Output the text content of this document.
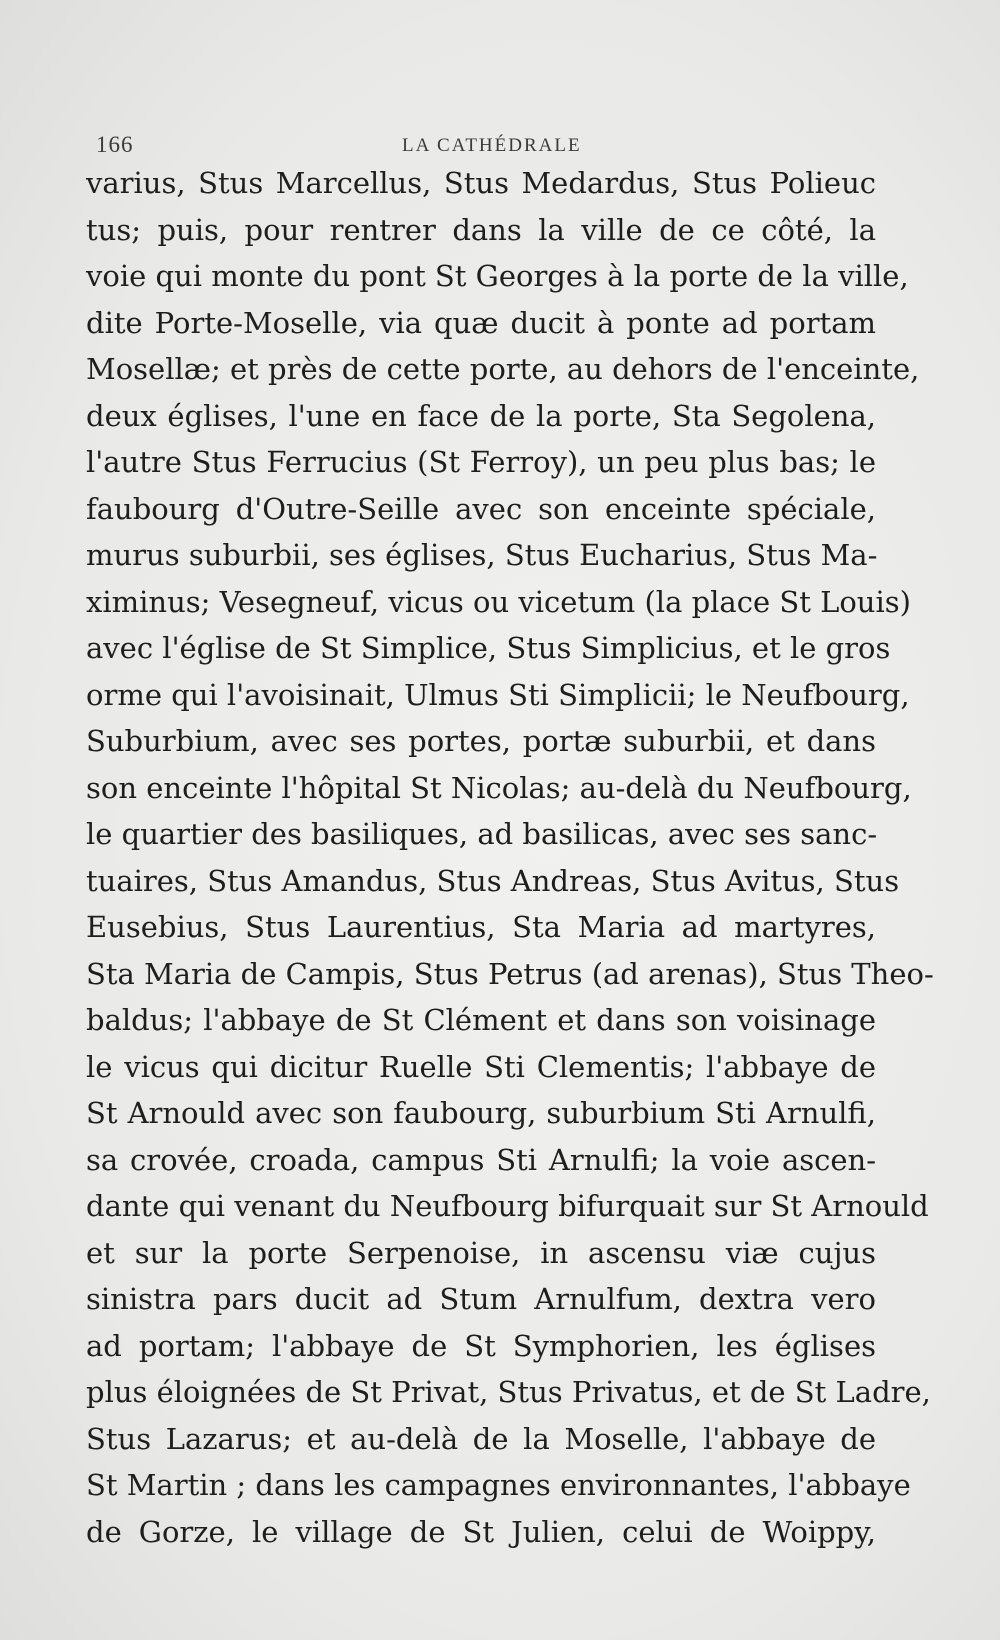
166	LA CATHÉDRALE
varius, Stus Marcellus, Stus Medardus, Stus Polieuc
tus; puis, pour rentrer dans la ville de ce côté, la
voie qui monte du pont St Georges à la porte de la ville,
dite Porte-Moselle, via quæ ducit à ponte ad portam
Mosellæ; et près de cette porte, au dehors de l'enceinte,
deux églises, l'une en face de la porte, Sta Segolena,
l'autre Stus Ferrucius (St Ferroy), un peu plus bas; le
faubourg d'Outre-Seille avec son enceinte spéciale,
murus suburbii, ses églises, Stus Eucharius, Stus Ma-
ximinus; Vesegneuf, vicus ou vicetum (la place St Louis)
avec l'église de St Simplice, Stus Simplicius, et le gros
orme qui l'avoisinait, Ulmus Sti Simplicii; le Neufbourg,
Suburbium, avec ses portes, portæ suburbii, et dans
son enceinte l'hôpital St Nicolas; au-delà du Neufbourg,
le quartier des basiliques, ad basilicas, avec ses sanc-
tuaires, Stus Amandus, Stus Andreas, Stus Avitus, Stus
Eusebius, Stus Laurentius, Sta Maria ad martyres,
Sta Maria de Campis, Stus Petrus (ad arenas), Stus Theo-
baldus; l'abbaye de St Clément et dans son voisinage
le vicus qui dicitur Ruelle Sti Clementis; l'abbaye de
St Arnould avec son faubourg, suburbium Sti Arnulfi,
sa crovée, croada, campus Sti Arnulfi; la voie ascen-
dante qui venant du Neufbourg bifurquait sur St Arnould
et sur la porte Serpenoise, in ascensu viæ cujus
sinistra pars ducit ad Stum Arnulfum, dextra vero
ad portam; l'abbaye de St Symphorien, les églises
plus éloignées de St Privat, Stus Privatus, et de St Ladre,
Stus Lazarus; et au-delà de la Moselle, l'abbaye de
St Martin ; dans les campagnes environnantes, l'abbaye
de Gorze, le village de St Julien, celui de Woippy,
